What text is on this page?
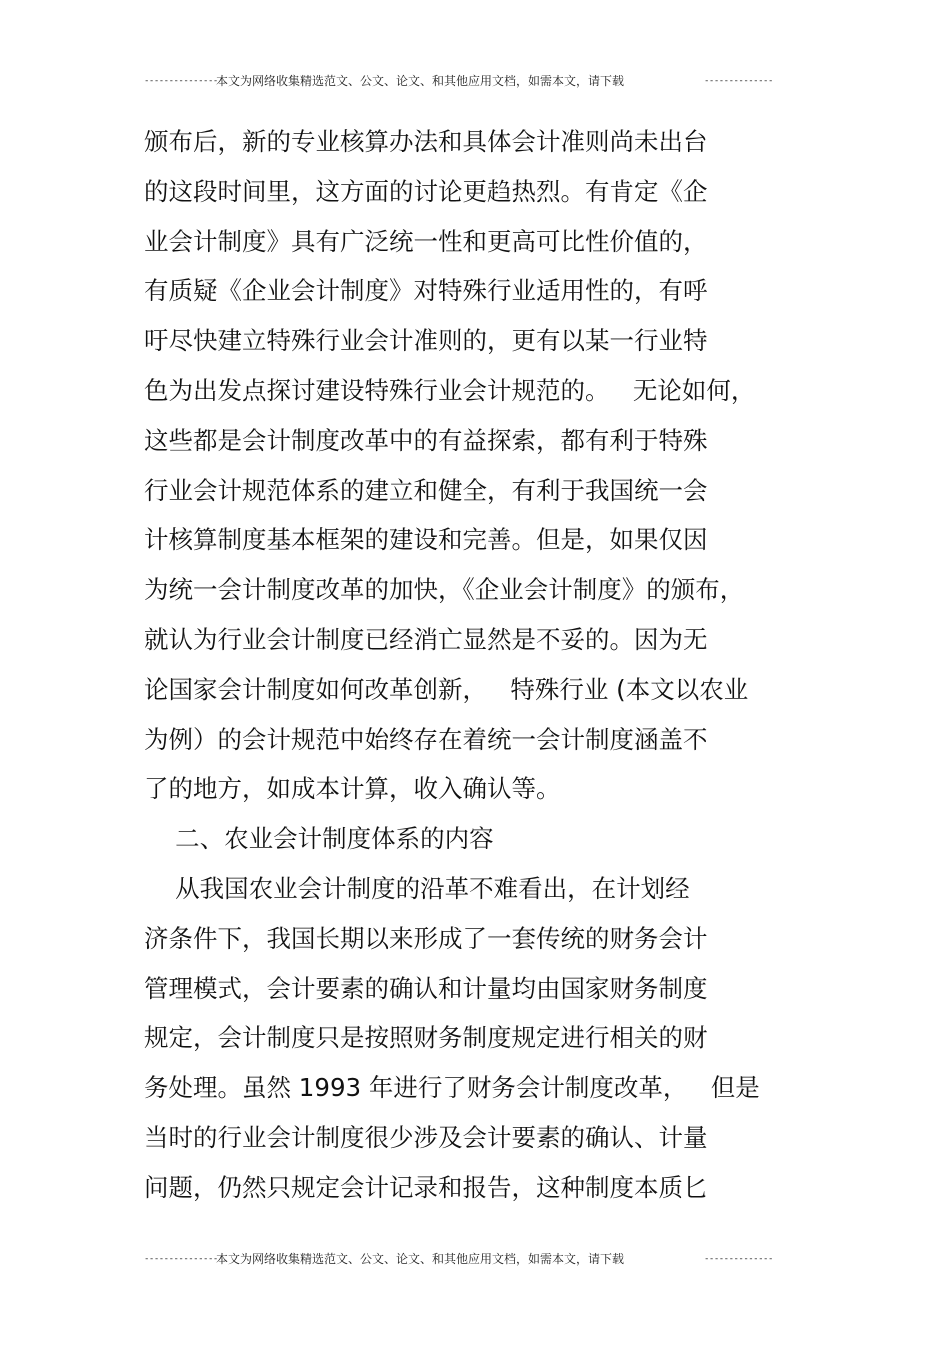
---------------
本文为网络收集精选范文、公文、论文、和其他应用文档，如需本文，请下载	--------------
颁布后，新的专业核算办法和具体会计准则尚未出台
的这段时间里，这方面的讨论更趋热烈。有肯定《企
业会计制度》具有广泛统一性和更高可比性价值的，
有质疑《企业会计制度》对特殊行业适用性的，有呼
吁尽快建立特殊行业会计准则的，更有以某一行业特
色为出发点探讨建设特殊行业会计规范的。   无论如何，
这些都是会计制度改革中的有益探索，都有利于特殊
行业会计规范体系的建立和健全，有利于我国统一会
计核算制度基本框架的建设和完善。但是，如果仅因
为统一会计制度改革的加快，《企业会计制度》的颁布，
就认为行业会计制度已经消亡显然是不妥的。因为无
论国家会计制度如何改革创新，   特殊行业 (本文以农业
为例）的会计规范中始终存在着统一会计制度涵盖不
了的地方，如成本计算，收入确认等。
二、农业会计制度体系的内容
从我国农业会计制度的沿革不难看出，在计划经
济条件下，我国长期以来形成了一套传统的财务会计
管理模式，会计要素的确认和计量均由国家财务制度
规定，会计制度只是按照财务制度规定进行相关的财
务处理。虽然 1993 年进行了财务会计制度改革，   但是
当时的行业会计制度很少涉及会计要素的确认、计量
问题，仍然只规定会计记录和报告，这种制度本质匕
---------------
本文为网络收集精选范文、公文、论文、和其他应用文档，如需本文，请下载	--------------
